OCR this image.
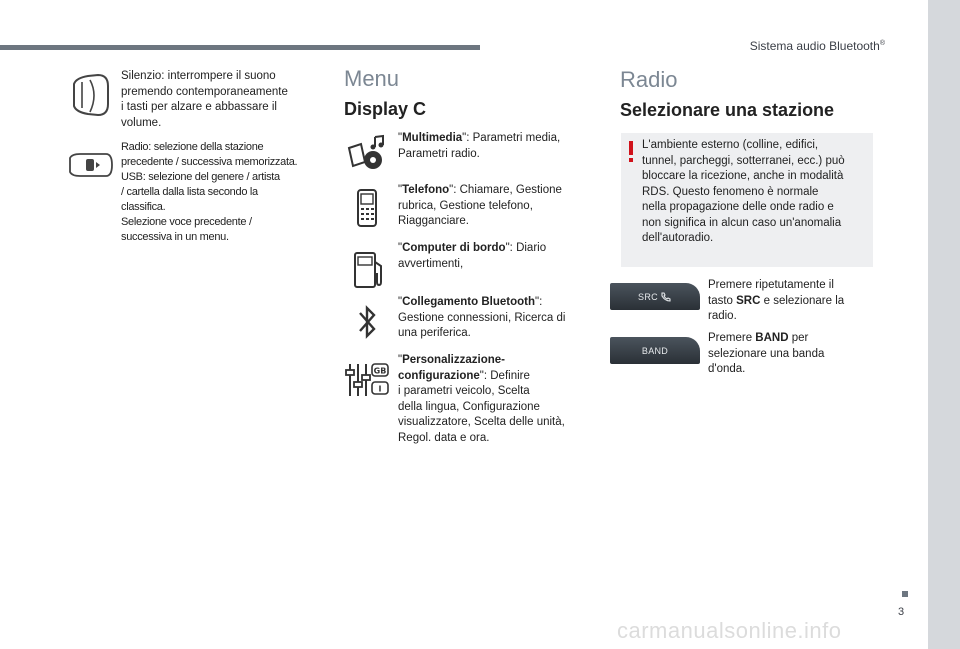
Sistema audio Bluetooth®
3
carmanualsonline.info
Silenzio: interrompere il suono
premendo contemporaneamente
i tasti per alzare e abbassare il
volume.
Radio: selezione della stazione
precedente / successiva memorizzata.
USB: selezione del genere / artista
/ cartella dalla lista secondo la
classifica.
Selezione voce precedente /
successiva in un menu.
Menu
Display C
"Multimedia": Parametri media,
Parametri radio.
"Telefono": Chiamare, Gestione
rubrica, Gestione telefono,
Riagganciare.
"Computer di bordo": Diario
avvertimenti,
"Collegamento Bluetooth":
Gestione connessioni, Ricerca di
una periferica.
GB
I
"Personalizzazione-
configurazione": Definire
i parametri veicolo, Scelta
della lingua, Configurazione
visualizzatore, Scelta delle unità,
Regol. data e ora.
Radio
Selezionare una stazione
L'ambiente esterno (colline, edifici,
tunnel, parcheggi, sotterranei, ecc.) può
bloccare la ricezione, anche in modalità
RDS. Questo fenomeno è normale
nella propagazione delle onde radio e
non significa in alcun caso un'anomalia
dell'autoradio.
SRC
Premere ripetutamente il
tasto SRC e selezionare la
radio.
BAND
Premere BAND per
selezionare una banda
d'onda.
